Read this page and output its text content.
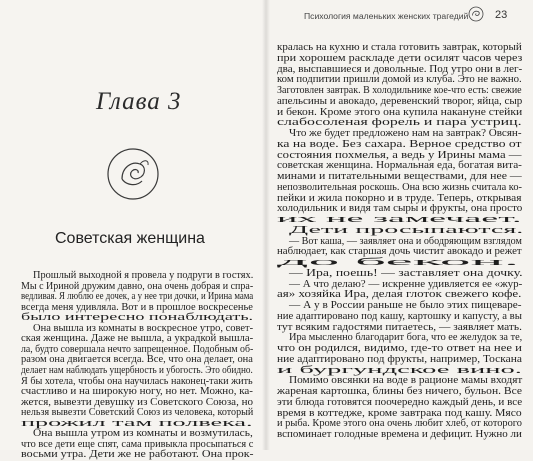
Глава 3
Советская женщина
Прошлый выходной я провела у подруги в гостях.
Мы с Ириной дружим давно, она очень добрая и спра-
ведливая. Я люблю ее дочек, а у нее три дочки, и Ирина мама
всегда меня удивляла. Вот и в прошлое воскресенье
было интересно понаблюдать.
Она вышла из комнаты в воскресное утро, совет-
ская женщина. Даже не вышла, а украдкой вышла-
ла, будто совершала нечто запрещенное. Подобным об-
разом она двигается всегда. Все, что она делает, она
делает нам наблюдать ущербность и убогость. Это обидно.
Я бы хотела, чтобы она научилась наконец-таки жить
счастливо и на широкую ногу, но нет. Можно, ка-
жется, вывезти девушку из Советского Союза, но
нельзя вывезти Советский Союз из человека, который
прожил там полвека.
Она вышла утром из комнаты и возмутилась,
что все дети еще спят, сама привыкла просыпаться с
восьми утра. Дети же не работают. Она прок-
Психология маленьких женских трагедий 23
кралась на кухню и стала готовить завтрак, который
при хорошем раскладе дети осилят часов через
два, выспавшиеся и довольные. Под утро они в лег-
ком подпитии пришли домой из клуба. Это не важно.
Заготовлен завтрак. В холодильнике кое-что есть: свежие
апельсины и авокадо, деревенский творог, яйца, сыр
и бекон. Кроме этого она купила накануне стейки
слабосоленая форель и пара устриц.
Что же будет предложено нам на завтрак? Овсян-
ка на воде. Без сахара. Верное средство от
состояния похмелья, а ведь у Ирины мама —
советская женщина. Нормальная еда, богатая вита-
минами и питательными веществами, для нее —
непозволительная роскошь. Она всю жизнь считала ко-
пейки и жила покорно и в труде. Теперь, открывая
холодильник и видя там сыры и фрукты, она просто
их не замечает.
Дети просыпаются.
— Вот каша, — заявляет она и ободряющим взглядом
наблюдает, как старшая дочь чистит авокадо и режет
до бекон.
— Ира, поешь! — заставляет она дочку.
— А что делаю? — искренне удивляется ее «жур-
ая» хозяйка Ира, делая глоток свежего кофе.
— А у в России раньше не было этих пищеваре-
ние адаптировано под кашу, картошку и капусту, а вы
тут всяким гадостями питаетесь, — заявляет мать.
Ира мысленно благодарит бога, что ее желудок за те,
что он родился, видимо, где-то ответ на нее и
ние адаптировано под фрукты, например, Тоскана
и бургундское вино.
Помимо овсянки на воде в рационе мамы входят
жареная картошка, блины без ничего, бульон. Все
эти блюда готовятся поочередно каждый день, и все
время в коттедже, кроме завтрака под кашу. Мясо
и рыба. Кроме этого она очень любит хлеб, от которого
вспоминает голодные времена и дефицит. Нужно ли
